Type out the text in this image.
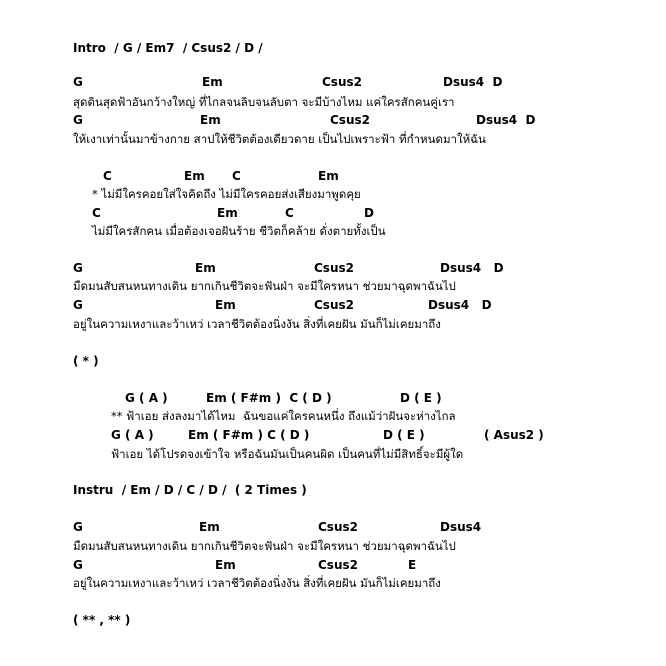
Intro  / G / Em7  / Csus2 / D /
G	Em	Csus2	Dsus4  D
สุดดินสุดฟ้าอันกว้างใหญ่ ที่ไกลจนลิบจนลับตา จะมีบ้างไหม แค่ใครสักคนคู่เรา
G	Em	Csus2	Dsus4  D
ให้เงาเท่านั้นมาข้างกาย สาปให้ชีวิตต้องเดียวดาย เป็นไปเพราะฟ้า ที่กำหนดมาให้ฉัน
C	Em C	Em
* ไม่มีใครคอยใส่ใจคิดถึง ไม่มีใครคอยส่งเสียงมาพูดคุย
C	Em	C	D
ไม่มีใครสักคน เมื่อต้องเจอฝันร้าย ชีวิตก็คล้าย ดั่งตายทั้งเป็น
G	Em	Csus2	Dsus4   D
มืดมนสับสนหนทางเดิน ยากเกินชีวิตจะฟันฝ่า จะมีใครหนา ช่วยมาฉุดพาฉันไป
G	Em	Csus2	Dsus4   D
อยู่ในความเหงาและว้าเหว่ เวลาชีวิตต้องนิ่งงัน สิ่งที่เคยฝัน มันก็ไม่เคยมาถึง
( * )
G ( A )	Em ( F#m )  C ( D )	D ( E )
** ฟ้าเอย ส่งลงมาได้ไหม  ฉันขอแค่ใครคนหนึ่ง ถึงแม้ว่าฝันจะห่างไกล
G ( A )	Em ( F#m ) C ( D )	D ( E )	( Asus2 )
ฟ้าเอย ได้โปรดจงเข้าใจ หรือฉันมันเป็นคนผิด เป็นคนที่ไม่มีสิทธิ์จะมีผู้ใด
Instru  / Em / D / C / D /  ( 2 Times )
G	Em	Csus2	Dsus4
มืดมนสับสนหนทางเดิน ยากเกินชีวิตจะฟันฝ่า จะมีใครหนา ช่วยมาฉุดพาฉันไป
G	Em	Csus2	E
อยู่ในความเหงาและว้าเหว่ เวลาชีวิตต้องนิ่งงัน สิ่งที่เคยฝัน มันก็ไม่เคยมาถึง
( ** , ** )
